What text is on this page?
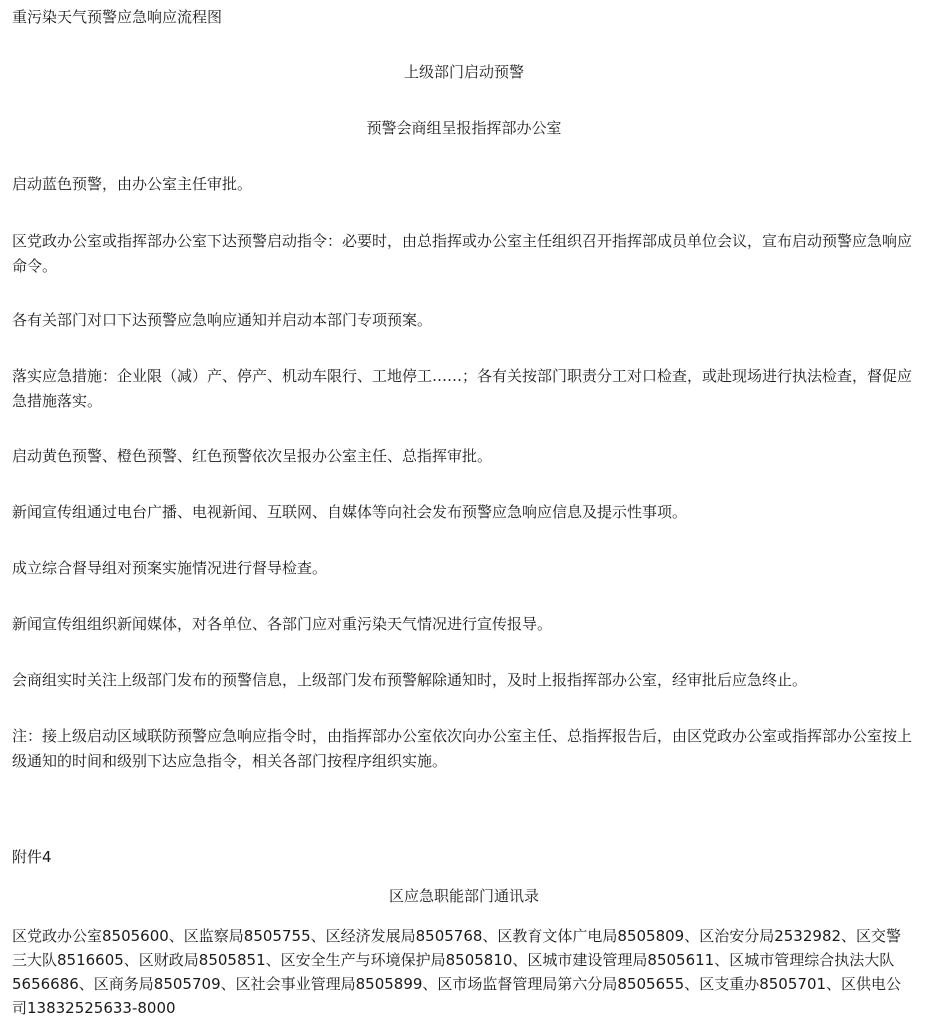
重污染天气预警应急响应流程图

上级部门启动预警

预警会商组呈报指挥部办公室

启动蓝色预警，由办公室主任审批。

区党政办公室或指挥部办公室下达预警启动指令：必要时，由总指挥或办公室主任组织召开指挥部成员单位会议，宣布启动预警应急响应命令。

各有关部门对口下达预警应急响应通知并启动本部门专项预案。

落实应急措施：企业限（减）产、停产、机动车限行、工地停工……；各有关按部门职责分工对口检查，或赴现场进行执法检查，督促应急措施落实。

启动黄色预警、橙色预警、红色预警依次呈报办公室主任、总指挥审批。

新闻宣传组通过电台广播、电视新闻、互联网、自媒体等向社会发布预警应急响应信息及提示性事项。

成立综合督导组对预案实施情况进行督导检查。

新闻宣传组组织新闻媒体，对各单位、各部门应对重污染天气情况进行宣传报导。

会商组实时关注上级部门发布的预警信息，上级部门发布预警解除通知时，及时上报指挥部办公室，经审批后应急终止。

注：接上级启动区域联防预警应急响应指令时，由指挥部办公室依次向办公室主任、总指挥报告后，由区党政办公室或指挥部办公室按上级通知的时间和级别下达应急指令，相关各部门按程序组织实施。

附件4

区应急职能部门通讯录

区党政办公室8505600、区监察局8505755、区经济发展局8505768、区教育文体广电局8505809、区治安分局2532982、区交警三大队8516605、区财政局8505851、区安全生产与环境保护局8505810、区城市建设管理局8505611、区城市管理综合执法大队5656686、区商务局8505709、区社会事业管理局8505899、区市场监督管理局第六分局8505655、区支重办8505701、区供电公司13832525633-8000
